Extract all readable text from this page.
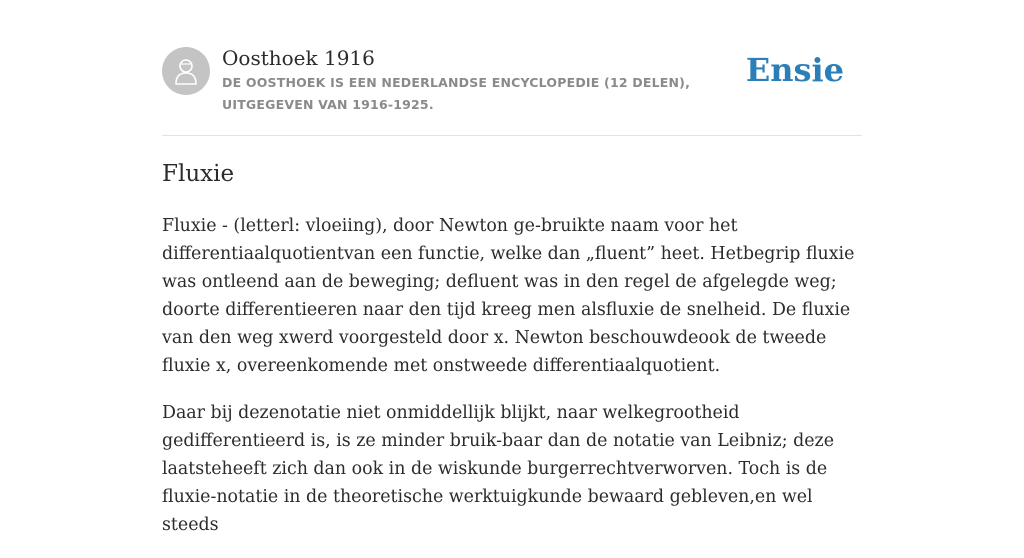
Oosthoek 1916
DE OOSTHOEK IS EEN NEDERLANDSE ENCYCLOPEDIE (12 DELEN), UITGEGEVEN VAN 1916-1925.
Ensie
Fluxie

Fluxie - (letterl: vloeiing), door Newton ge-bruikte naam voor het differentiaalquotientvan een functie, welke dan „fluent” heet. Hetbegrip fluxie was ontleend aan de beweging; defluent was in den regel de afgelegde weg; doorte differentieeren naar den tijd kreeg men alsfluxie de snelheid. De fluxie van den weg xwerd voorgesteld door x. Newton beschouwdeook de tweede fluxie x, overeenkomende met onstweede differentiaalquotient.

Daar bij dezenotatie niet onmiddellijk blijkt, naar welkegrootheid gedifferentieerd is, is ze minder bruik-baar dan de notatie van Leibniz; deze laatsteheeft zich dan ook in de wiskunde burgerrechtverworven. Toch is de fluxie-notatie in de theoretische werktuigkunde bewaard gebleven,en wel steeds
